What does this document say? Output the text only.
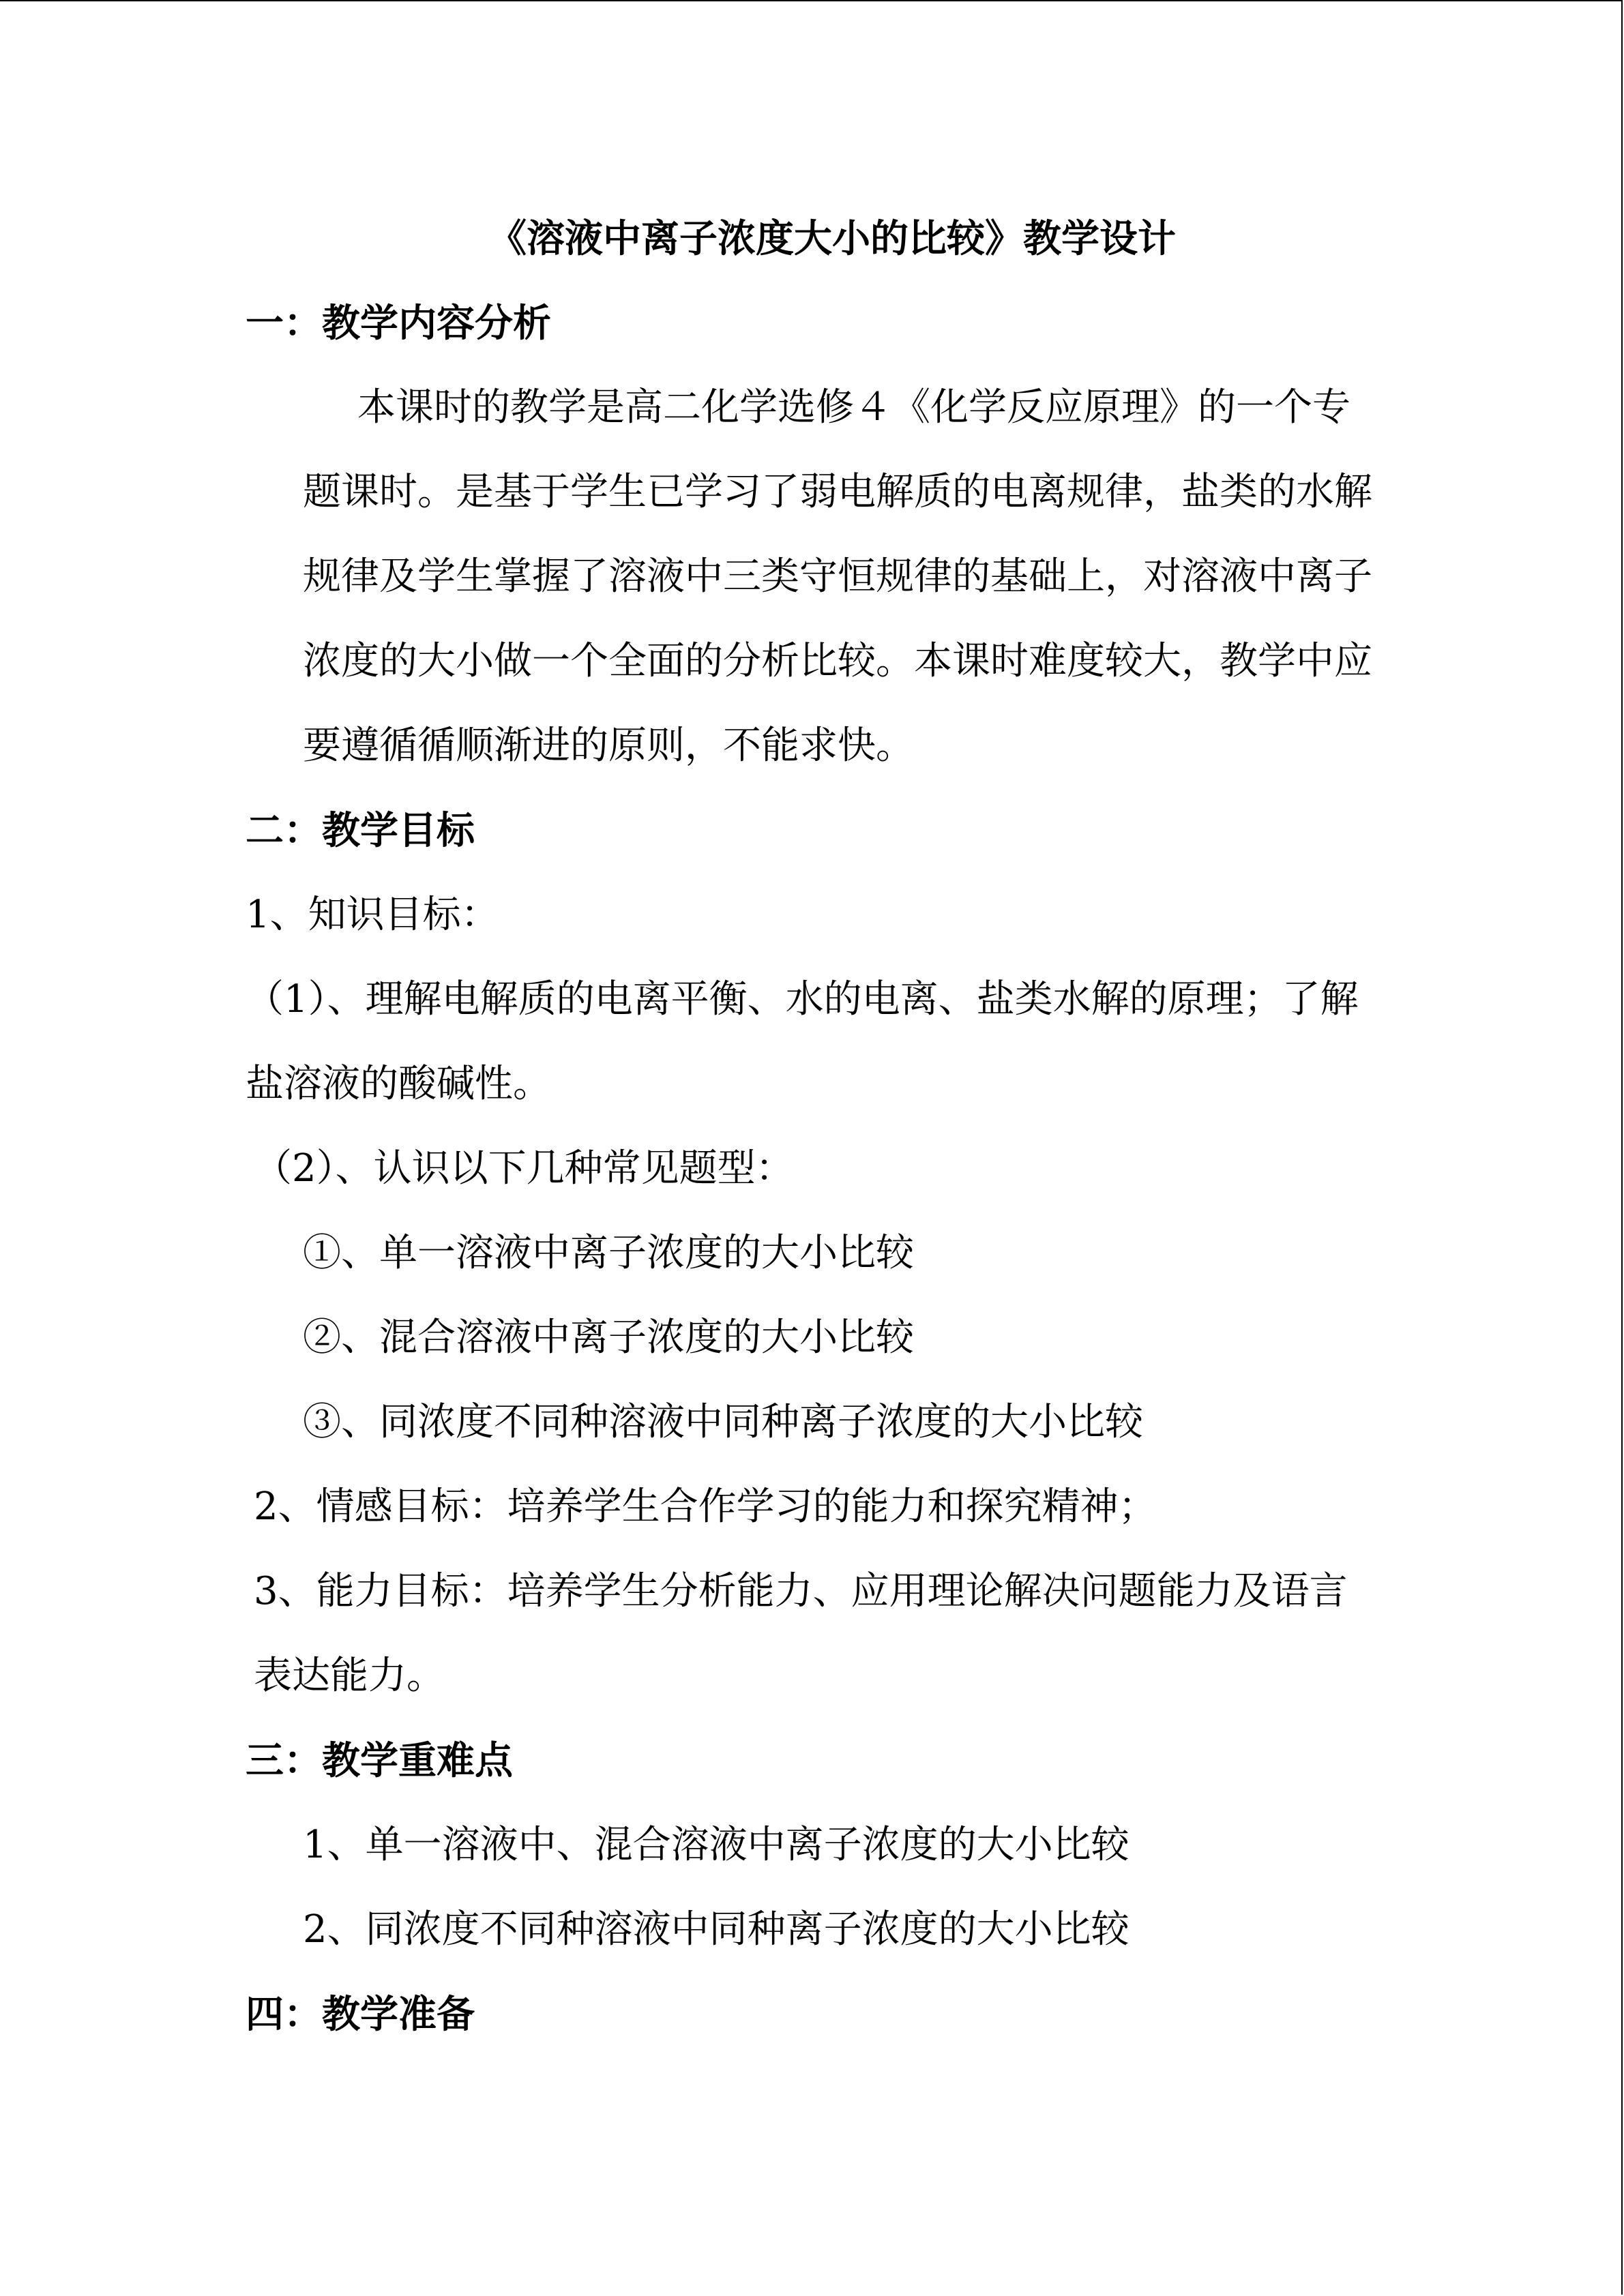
《溶液中离子浓度大小的比较》教学设计
一：教学内容分析
本课时的教学是高二化学选修４《化学反应原理》的一个专
题课时。是基于学生已学习了弱电解质的电离规律，盐类的水解
规律及学生掌握了溶液中三类守恒规律的基础上，对溶液中离子
浓度的大小做一个全面的分析比较。本课时难度较大，教学中应
要遵循循顺渐进的原则，不能求快。
二：教学目标
1、知识目标：
（1）、理解电解质的电离平衡、水的电离、盐类水解的原理；了解
盐溶液的酸碱性。
（2）、认识以下几种常见题型：
①、单一溶液中离子浓度的大小比较
②、混合溶液中离子浓度的大小比较
③、同浓度不同种溶液中同种离子浓度的大小比较
2、情感目标：培养学生合作学习的能力和探究精神；
3、能力目标：培养学生分析能力、应用理论解决问题能力及语言
表达能力。
三：教学重难点
1、单一溶液中、混合溶液中离子浓度的大小比较
2、同浓度不同种溶液中同种离子浓度的大小比较
四：教学准备
